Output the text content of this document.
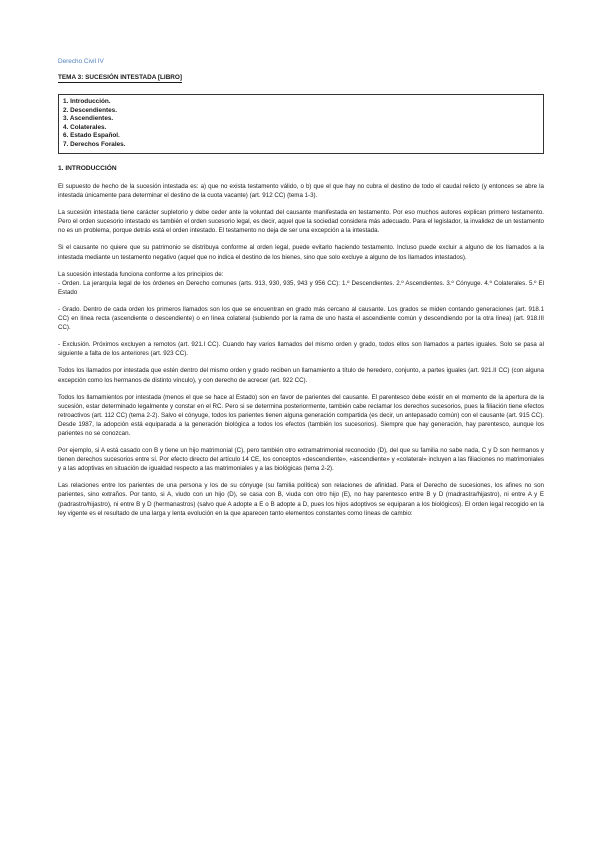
Derecho Civil IV

TEMA 3: SUCESIÓN INTESTADA [LIBRO]

1. Introducción.

2. Descendientes.

3. Ascendientes.

4. Colaterales.

6. Estado Español.

7. Derechos Forales.

1. INTRODUCCIÓN

El supuesto de hecho de la sucesión intestada es: a) que no exista testamento válido, o b) que el que hay no cubra el destino de todo el caudal relicto (y entonces se abre la intestada únicamente para determinar el destino de la cuota vacante) (art. 912 CC) (tema 1-3).

La sucesión intestada tiene carácter supletorio y debe ceder ante la voluntad del causante manifestada en testamento. Por eso muchos autores explican primero testamento. Pero el orden sucesorio intestado es también el orden sucesorio legal, es decir, aquel que la sociedad considera más adecuado. Para el legislador, la invalidez de un testamento no es un problema, porque detrás está el orden intestado. El testamento no deja de ser una excepción a la intestada.

Si el causante no quiere que su patrimonio se distribuya conforme al orden legal, puede evitarlo haciendo testamento. Incluso puede excluir a alguno de los llamados a la intestada mediante un testamento negativo (aquel que no indica el destino de los bienes, sino que solo excluye a alguno de los llamados intestados).

La sucesión intestada funciona conforme a los principios de:

- Orden. La jerarquía legal de los órdenes en Derecho comunes (arts. 913, 930, 935, 943 y 956 CC): 1.º Descendientes. 2.º Ascendientes. 3.º Cónyuge. 4.º Colaterales. 5.º El Estado

- Grado. Dentro de cada orden los primeros llamados son los que se encuentran en grado más cercano al causante. Los grados se miden contando generaciones (art. 918.1 CC) en línea recta (ascendiente o descendiente) o en línea colateral (subiendo por la rama de uno hasta el ascendiente común y descendiendo por la otra línea) (art. 918.III CC).

- Exclusión. Próximos excluyen a remotos (art. 921.I CC). Cuando hay varios llamados del mismo orden y grado, todos ellos son llamados a partes iguales. Solo se pasa al siguiente a falta de los anteriores (art. 923 CC).

Todos los llamados por intestada que estén dentro del mismo orden y grado reciben un llamamiento a título de heredero, conjunto, a partes iguales (art. 921.II CC) (con alguna excepción como los hermanos de distinto vínculo), y con derecho de acrecer (art. 922 CC).

Todos los llamamientos por intestada (menos el que se hace al Estado) son en favor de parientes del causante. El parentesco debe existir en el momento de la apertura de la sucesión, estar determinado legalmente y constar en el RC. Pero si se determina posteriormente, también cabe reclamar los derechos sucesorios, pues la filiación tiene efectos retroactivos (art. 112 CC) (tema 2-2). Salvo el cónyuge, todos los parientes tienen alguna generación compartida (es decir, un antepasado común) con el causante (art. 915 CC). Desde 1987, la adopción está equiparada a la generación biológica a todos los efectos (también los sucesorios). Siempre que hay generación, hay parentesco, aunque los parientes no se conozcan.

Por ejemplo, si A está casado con B y tiene un hijo matrimonial (C), pero también otro extramatrimonial reconocido (D), del que su familia no sabe nada, C y D son hermanos y tienen derechos sucesorios entre sí. Por efecto directo del artículo 14 CE, los conceptos «descendiente», «ascendiente» y «colateral» incluyen a las filiaciones no matrimoniales y a las adoptivas en situación de igualdad respecto a las matrimoniales y a las biológicas (tema 2-2).

Las relaciones entre los parientes de una persona y los de su cónyuge (su familia política) son relaciones de afinidad. Para el Derecho de sucesiones, los afines no son parientes, sino extraños. Por tanto, si A, viudo con un hijo (D), se casa con B, viuda con otro hijo (E), no hay parentesco entre B y D (madrastra/hijastro), ni entre A y E (padrastro/hijastro), ni entre B y D (hermanastros) (salvo que A adopte a E o B adopte a D, pues los hijos adoptivos se equiparan a los biológicos). El orden legal recogido en la ley vigente es el resultado de una larga y lenta evolución en la que aparecen tanto elementos constantes como líneas de cambio:
